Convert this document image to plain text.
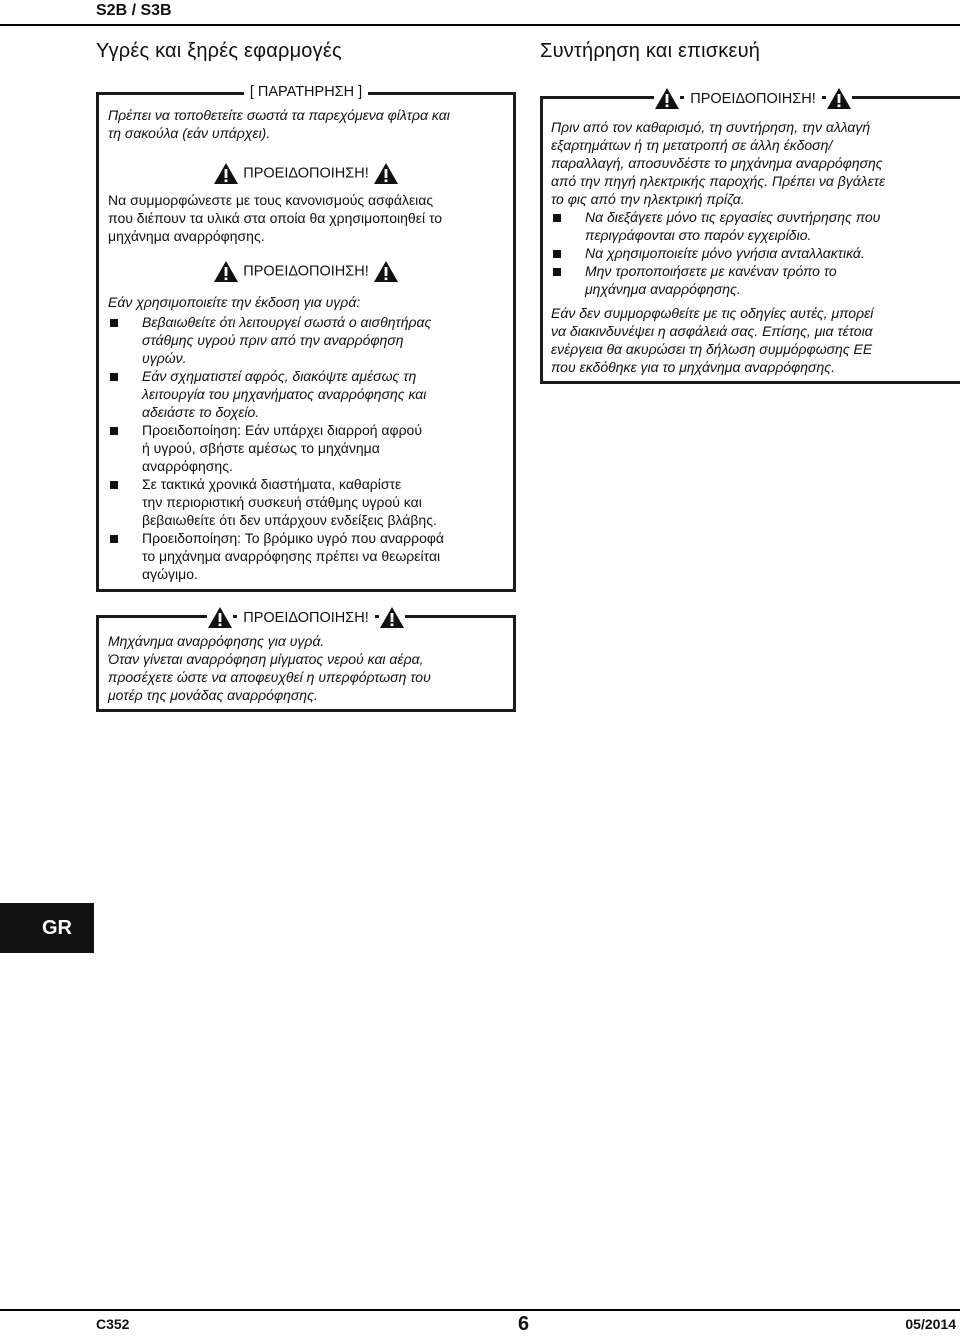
S2B / S3B
Υγρές και ξηρές εφαρμογές
[ ΠΑΡΑΤΗΡΗΣΗ ]

Πρέπει να τοποθετείτε σωστά τα παρεχόμενα φίλτρα και
τη σακούλα (εάν υπάρχει).

ΠΡΟΕΙΔΟΠΟΙΗΣΗ!

Να συμμορφώνεστε με τους κανονισμούς ασφάλειας
που διέπουν τα υλικά στα οποία θα χρησιμοποιηθεί το
μηχάνημα αναρρόφησης.

ΠΡΟΕΙΔΟΠΟΙΗΣΗ!

Εάν χρησιμοποιείτε την έκδοση για υγρά:

Βεβαιωθείτε ότι λειτουργεί σωστά ο αισθητήρας
στάθμης υγρού πριν από την αναρρόφηση
υγρών.
Εάν σχηματιστεί αφρός, διακόψτε αμέσως τη
λειτουργία του μηχανήματος αναρρόφησης και
αδειάστε το δοχείο.
Προειδοποίηση: Εάν υπάρχει διαρροή αφρού
ή υγρού, σβήστε αμέσως το μηχάνημα
αναρρόφησης.
Σε τακτικά χρονικά διαστήματα, καθαρίστε
την περιοριστική συσκευή στάθμης υγρού και
βεβαιωθείτε ότι δεν υπάρχουν ενδείξεις βλάβης.
Προειδοποίηση: Το βρόμικο υγρό που αναρροφά
το μηχάνημα αναρρόφησης πρέπει να θεωρείται
αγώγιμο.
ΠΡΟΕΙΔΟΠΟΙΗΣΗ!

Μηχάνημα αναρρόφησης για υγρά.
Όταν γίνεται αναρρόφηση μίγματος νερού και αέρα,
προσέχετε ώστε να αποφευχθεί η υπερφόρτωση του
μοτέρ της μονάδας αναρρόφησης.

Συντήρηση και επισκευή
ΠΡΟΕΙΔΟΠΟΙΗΣΗ!

Πριν από τον καθαρισμό, τη συντήρηση, την αλλαγή
εξαρτημάτων ή τη μετατροπή σε άλλη έκδοση/
παραλλαγή, αποσυνδέστε το μηχάνημα αναρρόφησης
από την πηγή ηλεκτρικής παροχής. Πρέπει να βγάλετε
το φις από την ηλεκτρική πρίζα.

Να διεξάγετε μόνο τις εργασίες συντήρησης που
περιγράφονται στο παρόν εγχειρίδιο.
Να χρησιμοποιείτε μόνο γνήσια ανταλλακτικά.
Μην τροποποιήσετε με κανέναν τρόπο το
μηχάνημα αναρρόφησης.

Εάν δεν συμμορφωθείτε με τις οδηγίες αυτές, μπορεί
να διακινδυνέψει η ασφάλειά σας. Επίσης, μια τέτοια
ενέργεια θα ακυρώσει τη δήλωση συμμόρφωσης ΕΕ
που εκδόθηκε για το μηχάνημα αναρρόφησης.

GR
C352	6	05/2014
